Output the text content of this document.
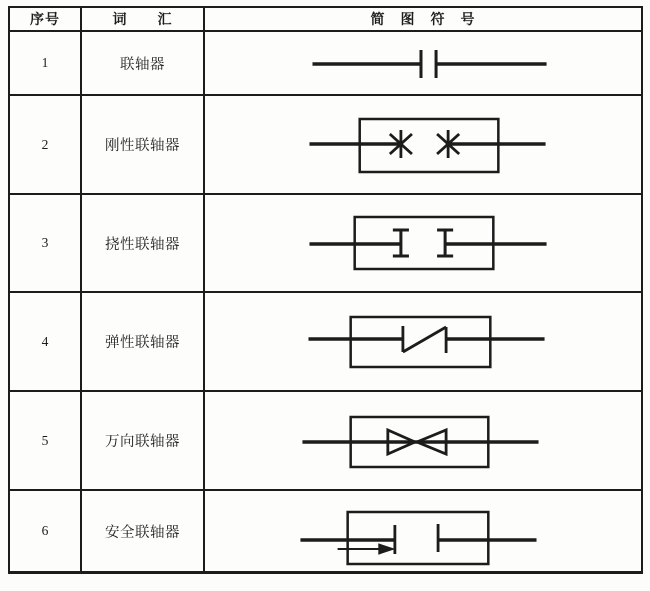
序号	词　　汇	简　图　符　号
1	联轴器
2	刚性联轴器
3	挠性联轴器
4	弹性联轴器
5	万向联轴器
6	安全联轴器
